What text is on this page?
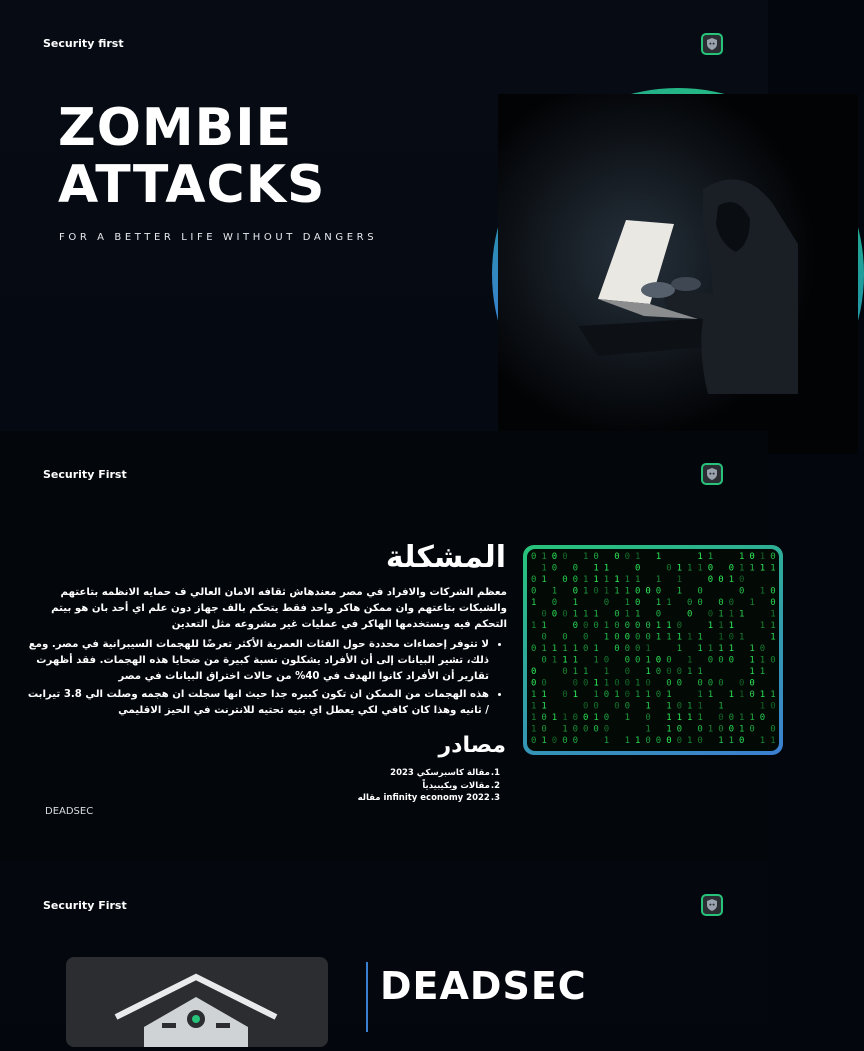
Security first
ZOMBIE
ATTACKS
FOR A BETTER LIFE WITHOUT DANGERS
Security First
المشكلة

معظم الشركات والافراد في مصر معندهاش ثقافه الامان العالي ف حمايه الانظمه بتاعتهم والشبكات بتاعتهم وان ممكن هاكر واحد فقط يتحكم بالف جهاز دون علم اي أحد بان هو بيتم التحكم فيه وبستخدمها الهاكر في عمليات غير مشروعه مثل التعدين

• لا تتوفر إحصاءات محددة حول الفئات العمرية الأكثر تعرضًا للهجمات السيبرانية في مصر. ومع ذلك، تشير البيانات إلى أن الأفراد يشكلون نسبة كبيرة من ضحايا هذه الهجمات. فقد أظهرت تقارير أن الأفراد كانوا الهدف في 40% من حالات اختراق البيانات في مصر
• هذه الهجمات من الممكن ان تكون كبيره جدا حيث انها سجلت ان هجمه وصلت الي 3.8 تيرابت / ثانيه وهذا كان كافي لكي يعطل اي بنيه تحتيه للانترنت في الحيز الاقليمي
مصادر
1.
مقالة كاسبرسكي 2023
2.
مقالات ويكيبيدياً
3.
infinity economy 2022 مقاله
DEADSEC
0
0
0
1
1
0
0
0
1
1
1
1
0
1
1
1
0
1
0
1
0
0
1
1
0
0
1
0
0
1
0
0
1
1
1
0
0
0
0
0
1
1
0
0
1
1
0
0
0
0
1
1
0
1
1
1
0
1
0
0
0
1
1
1
1
0
0
0
1
0
0
0
0
0
1
1
0
1
0
1
1
1
1
0
1
0
1
1
1
0
1
1
0
1
1
0
0
0
1
0
1
1
0
0
0
0
0
1
0
0
1
1
1
1
0
0
0
0
0
0
0
0
1
1
1
0
1
0
0
1
0
0
0
0
1
1
1
0
0
0
1
1
1
0
1
1
0
1
0
1
1
0
1
0
1
1
0
0
0
0
0
1
1
1
0
0
0
1
1
1
1
0
1
1
1
0
1
1
0
0
0
1
0
0
1
0
0
1
1
1
1
1
1
1
1
0
0
1
1
1
0
1
1
1
0
0
1
0
0
0
1
1
0
0
1
1
0
0
1
1
1
1
0
0
1
0
0
1
0
1
0
1
1
0
1
0
1
0
0
1
1
1
0
0
1
1
0
1
1
1
0
0
1
1
1
1
1
0
0
1
0
1
1
1
1
0
1
1
1
1
0
1
0
1
0
0
1
1
1
0
1
0
0
1
Security First
DEADSEC
